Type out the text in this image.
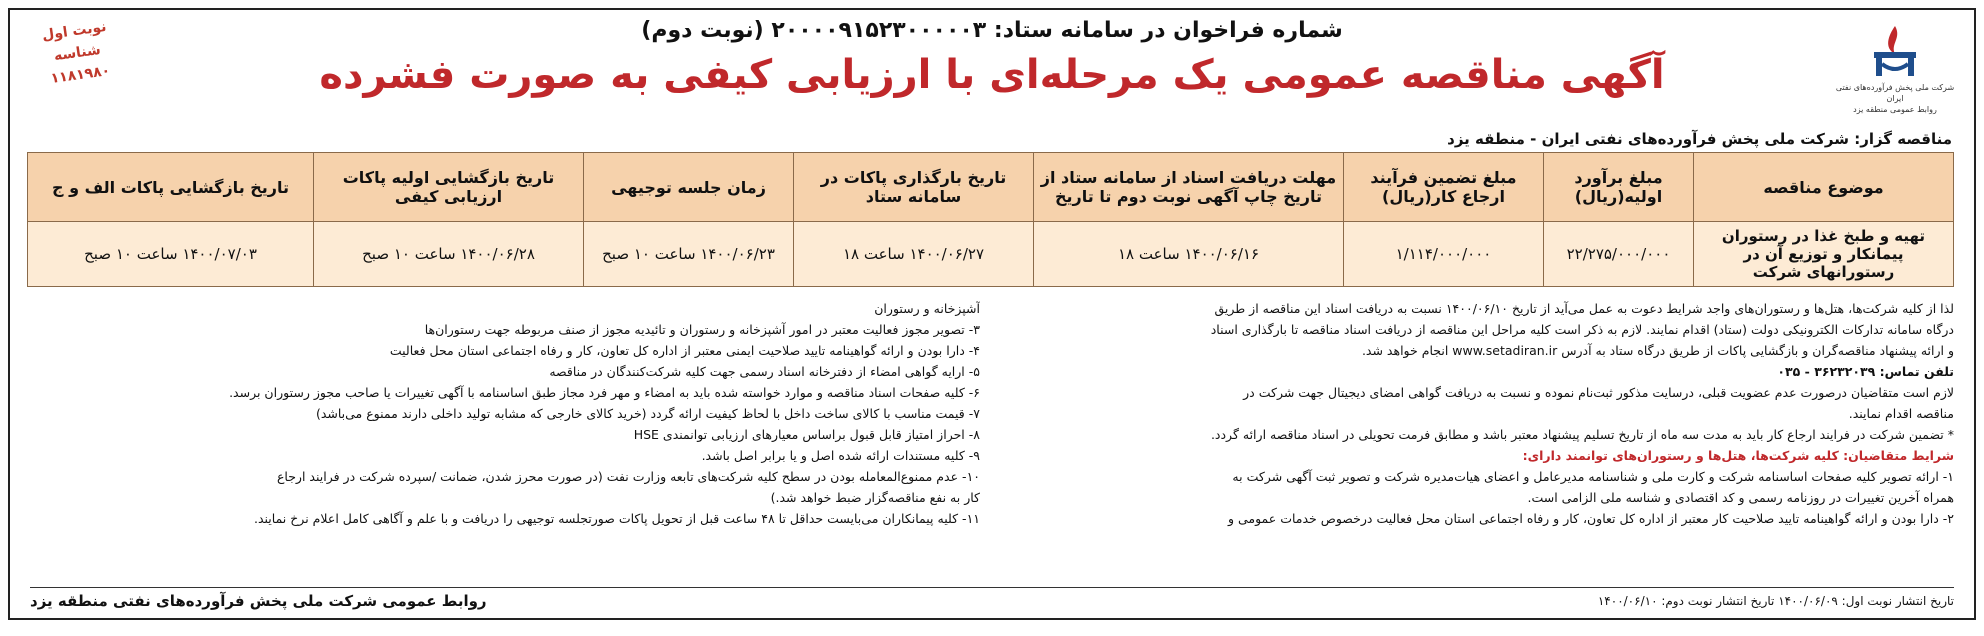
شرکت ملی پخش فرآورده‌های نفتی ایران
روابط عمومی منطقه یزد
نوبت اول
شناسه ۱۱۸۱۹۸۰
شماره فراخوان در سامانه ستاد: ۲۰۰۰۰۹۱۵۲۳۰۰۰۰۰۳ (نوبت دوم)
آگهی مناقصه عمومی یک مرحله‌ای با ارزیابی کیفی به صورت فشرده
مناقصه گزار: شرکت ملی پخش فرآورده‌های نفتی ایران - منطقه یزد
موضوع مناقصه	مبلغ برآورد اولیه(ریال)	مبلغ تضمین فرآیند ارجاع کار(ریال)	مهلت دریافت اسناد از سامانه ستاد از تاریخ چاپ آگهی نوبت دوم تا تاریخ	تاریخ بارگذاری پاکات در سامانه ستاد	زمان جلسه توجیهی	تاریخ بازگشایی اولیه پاکات ارزیابی کیفی	تاریخ بازگشایی پاکات الف و ج
تهیه و طبخ غذا در رستوران پیمانکار و توزیع آن در رستورانهای شرکت	۲۲/۲۷۵/۰۰۰/۰۰۰	۱/۱۱۴/۰۰۰/۰۰۰	۱۴۰۰/۰۶/۱۶ ساعت ۱۸	۱۴۰۰/۰۶/۲۷ ساعت ۱۸	۱۴۰۰/۰۶/۲۳ ساعت ۱۰ صبح	۱۴۰۰/۰۶/۲۸ ساعت ۱۰ صبح	۱۴۰۰/۰۷/۰۳ ساعت ۱۰ صبح
لذا از کلیه شرکت‌ها، هتل‌ها و رستوران‌های واجد شرایط دعوت به عمل می‌آید از تاریخ ۱۴۰۰/۰۶/۱۰ نسبت به دریافت اسناد این مناقصه از طریق
درگاه سامانه تدارکات الکترونیکی دولت (ستاد) اقدام نمایند. لازم به ذکر است کلیه مراحل این مناقصه از دریافت اسناد مناقصه تا بارگذاری اسناد
و ارائه پیشنهاد مناقصه‌گران و بازگشایی پاکات از طریق درگاه ستاد به آدرس www.setadiran.ir انجام خواهد شد.
تلفن تماس: ۳۶۲۳۲۰۳۹ - ۰۳۵
لازم است متقاضیان درصورت عدم عضویت قبلی، درسایت مذکور ثبت‌نام نموده و نسبت به دریافت گواهی امضای دیجیتال جهت شرکت در
مناقصه اقدام نمایند.
* تضمین شرکت در فرایند ارجاع کار باید به مدت سه ماه از تاریخ تسلیم پیشنهاد معتبر باشد و مطابق فرمت تحویلی در اسناد مناقصه ارائه گردد.
شرایط متقاضیان: کلیه شرکت‌ها، هتل‌ها و رستوران‌های توانمند دارای:
۱- ارائه تصویر کلیه صفحات اساسنامه شرکت و کارت ملی و شناسنامه مدیرعامل و اعضای هیات‌مدیره شرکت و تصویر ثبت آگهی شرکت به
همراه آخرین تغییرات در روزنامه رسمی و کد اقتصادی و شناسه ملی الزامی است.
۲- دارا بودن و ارائه گواهینامه تایید صلاحیت کار معتبر از اداره کل تعاون، کار و رفاه اجتماعی استان محل فعالیت درخصوص خدمات عمومی و
آشپزخانه و رستوران
۳- تصویر مجوز فعالیت معتبر در امور آشپزخانه و رستوران و تائیدیه مجوز از صنف مربوطه جهت رستوران‌ها
۴- دارا بودن و ارائه گواهینامه تایید صلاحیت ایمنی معتبر از اداره کل تعاون، کار و رفاه اجتماعی استان محل فعالیت
۵- ارایه گواهی امضاء از دفترخانه اسناد رسمی جهت کلیه شرکت‌کنندگان در مناقصه
۶- کلیه صفحات اسناد مناقصه و موارد خواسته شده باید به امضاء و مهر فرد مجاز طبق اساسنامه با آگهی تغییرات یا صاحب مجوز رستوران برسد.
۷- قیمت مناسب با کالای ساخت داخل با لحاظ کیفیت ارائه گردد (خرید کالای خارجی که مشابه تولید داخلی دارند ممنوع می‌باشد)
۸- احراز امتیاز قابل قبول براساس معیارهای ارزیابی توانمندی HSE
۹- کلیه مستندات ارائه شده اصل و یا برابر اصل باشد.
۱۰- عدم ممنوع‌المعامله بودن در سطح کلیه شرکت‌های تابعه وزارت نفت (در صورت محرز شدن، ضمانت /سپرده شرکت در فرایند ارجاع
کار به نفع مناقصه‌گزار ضبط خواهد شد.)
۱۱- کلیه پیمانکاران می‌بایست حداقل تا ۴۸ ساعت قبل از تحویل پاکات صورتجلسه توجیهی را دریافت و با علم و آگاهی کامل اعلام نرخ نمایند.
تاریخ انتشار نوبت اول: ۱۴۰۰/۰۶/۰۹ تاریخ انتشار نوبت دوم: ۱۴۰۰/۰۶/۱۰
روابط عمومی شرکت ملی پخش فرآورده‌های نفتی منطقه یزد
